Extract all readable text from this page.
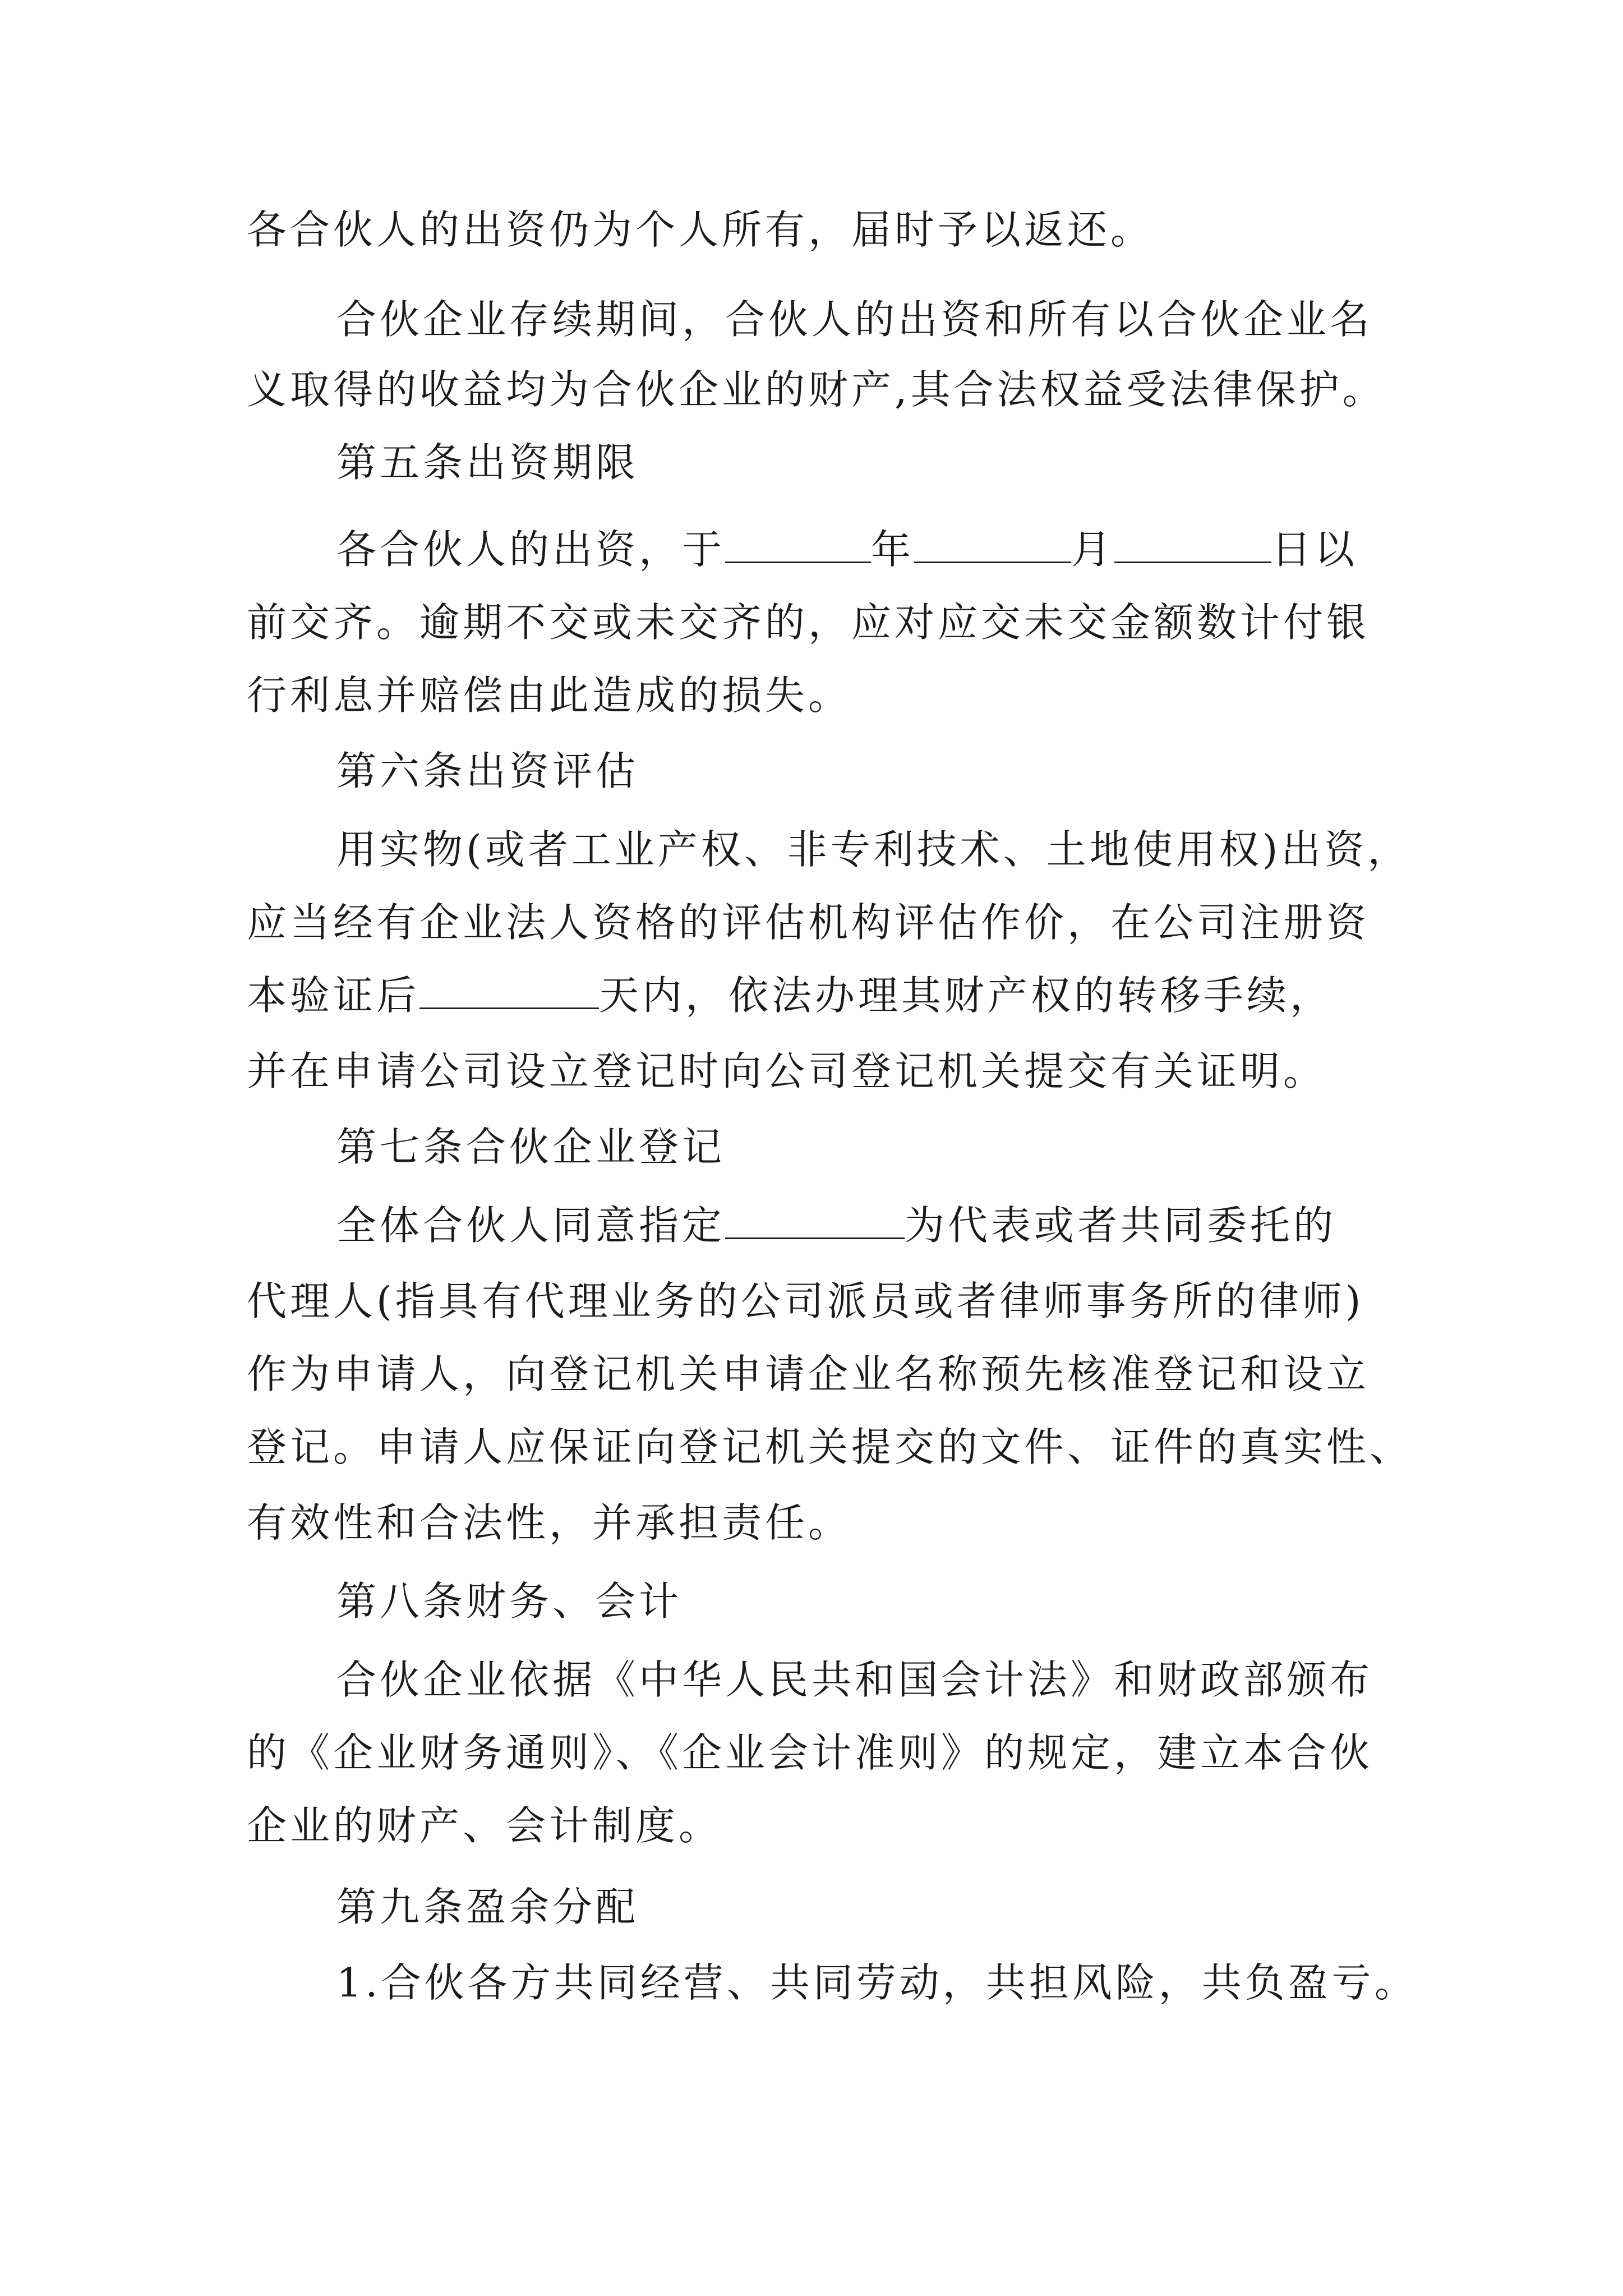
各合伙人的出资仍为个人所有，届时予以返还。
合伙企业存续期间，合伙人的出资和所有以合伙企业名
义取得的收益均为合伙企业的财产,其合法权益受法律保护。
第五条出资期限
各合伙人的出资，于	年	月	日以
前交齐。逾期不交或未交齐的，应对应交未交金额数计付银
行利息并赔偿由此造成的损失。
第六条出资评估
用实物(或者工业产权、非专利技术、土地使用权)出资，
应当经有企业法人资格的评估机构评估作价，在公司注册资
本验证后	天内，依法办理其财产权的转移手续，
并在申请公司设立登记时向公司登记机关提交有关证明。
第七条合伙企业登记
全体合伙人同意指定	为代表或者共同委托的
代理人(指具有代理业务的公司派员或者律师事务所的律师)
作为申请人，向登记机关申请企业名称预先核准登记和设立
登记。申请人应保证向登记机关提交的文件、证件的真实性、
有效性和合法性，并承担责任。
第八条财务、会计
合伙企业依据《中华人民共和国会计法》和财政部颁布
的《企业财务通则》、《企业会计准则》的规定，建立本合伙
企业的财产、会计制度。
第九条盈余分配
1.合伙各方共同经营、共同劳动，共担风险，共负盈亏。
